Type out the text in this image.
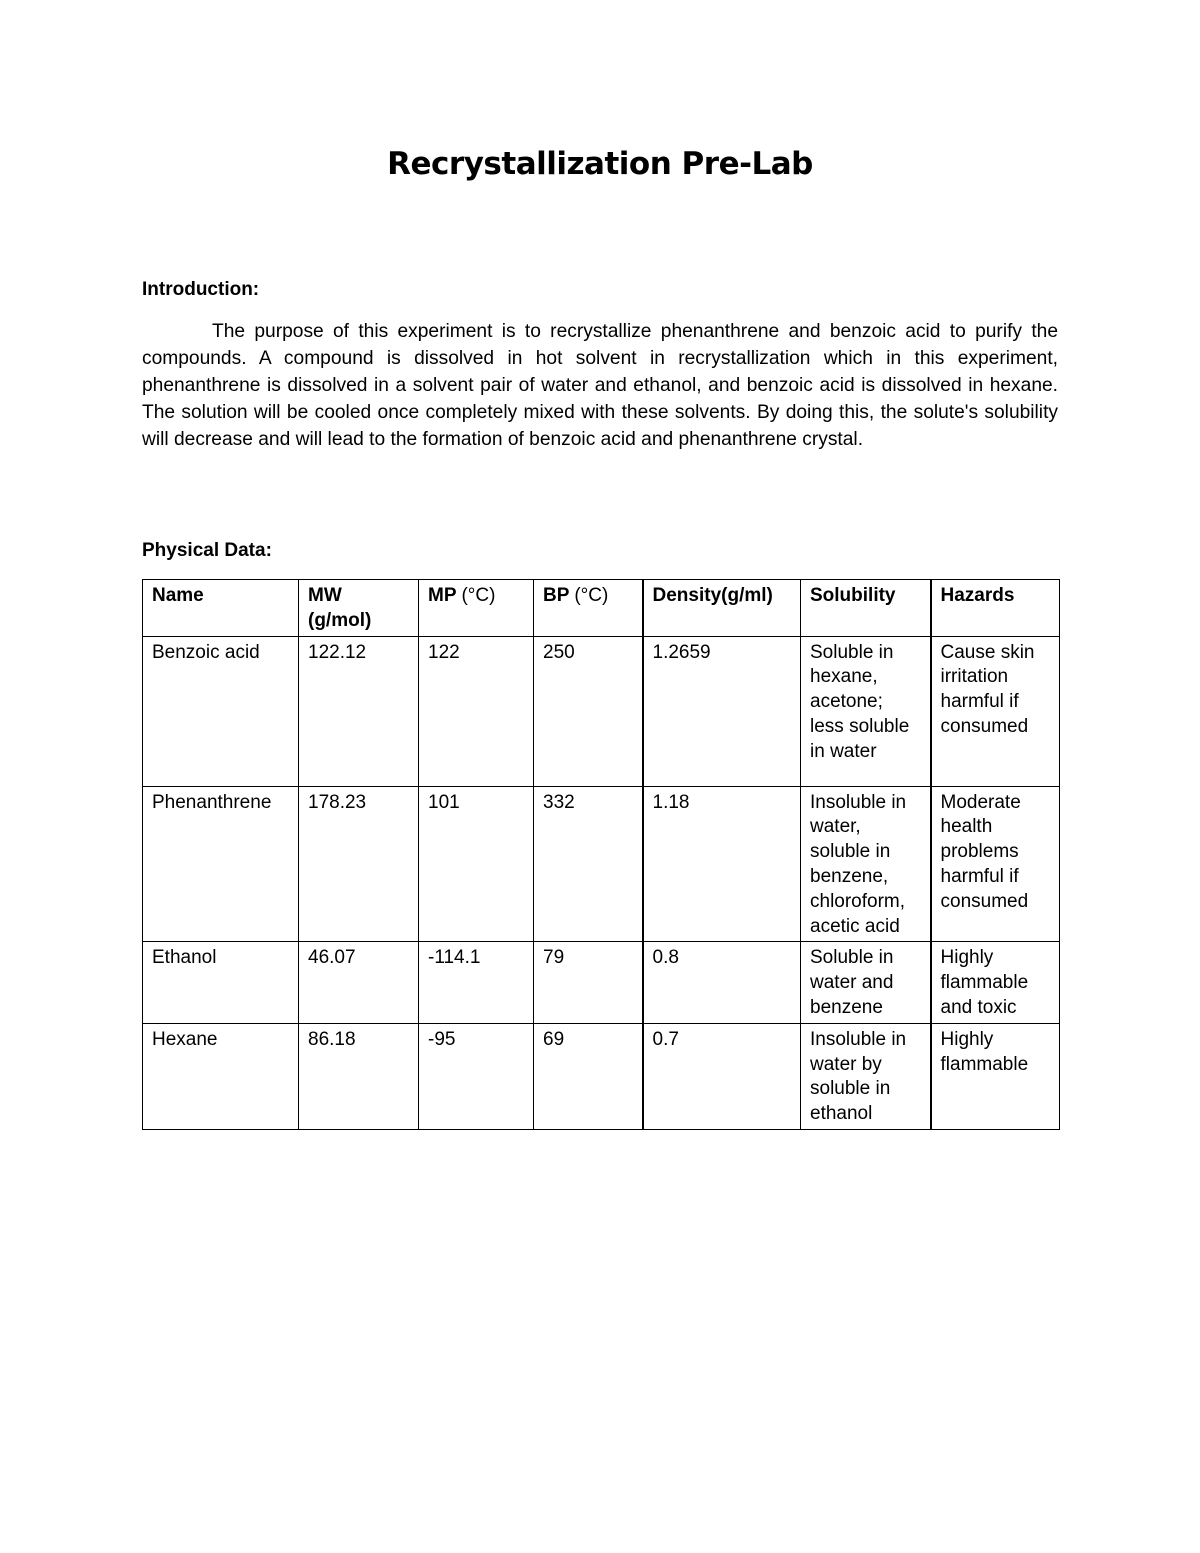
Recrystallization Pre-Lab
Introduction:

The purpose of this experiment is to recrystallize phenanthrene and benzoic acid to purify the compounds. A compound is dissolved in hot solvent in recrystallization which in this experiment, phenanthrene is dissolved in a solvent pair of water and ethanol, and benzoic acid is dissolved in hexane. The solution will be cooled once completely mixed with these solvents. By doing this, the solute's solubility will decrease and will lead to the formation of benzoic acid and phenanthrene crystal.

Physical Data:
Name	MW (g/mol)	MP (°C)	BP (°C)	Density(g/ml)	Solubility	Hazards
Benzoic acid	122.12	122	250	1.2659	Soluble in hexane, acetone; less soluble in water	Cause skin irritation harmful if consumed
Phenanthrene	178.23	101	332	1.18	Insoluble in water, soluble in benzene, chloroform, acetic acid	Moderate health problems harmful if consumed
Ethanol	46.07	-114.1	79	0.8	Soluble in water and benzene	Highly flammable and toxic
Hexane	86.18	-95	69	0.7	Insoluble in water by soluble in ethanol	Highly flammable
